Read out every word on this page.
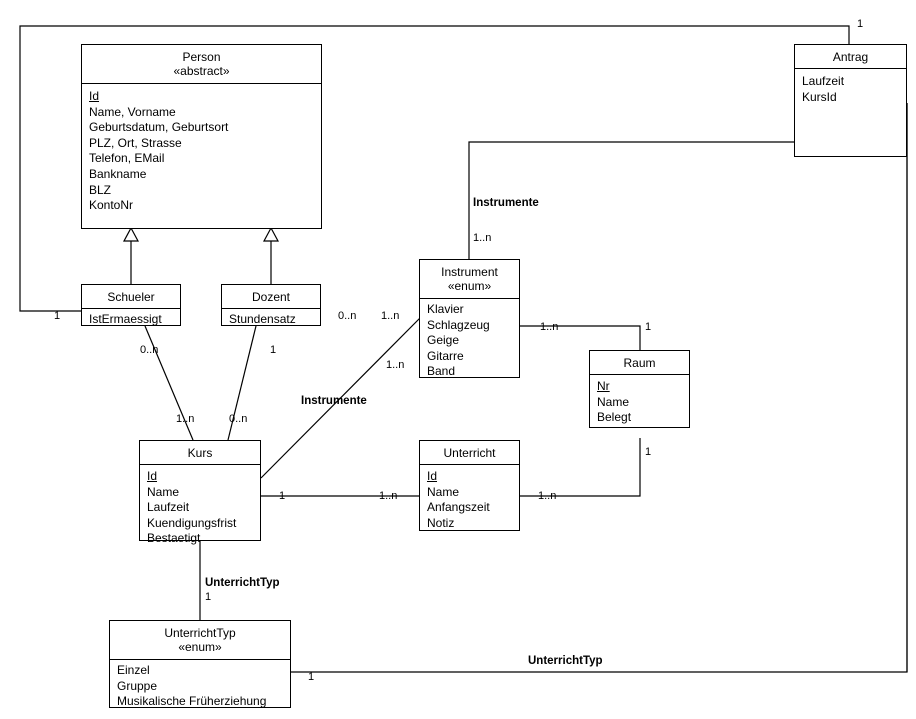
Person
«abstract»
Id
Name, Vorname
Geburtsdatum, Geburtsort
PLZ, Ort, Strasse
Telefon, EMail
Bankname
BLZ
KontoNr
Antrag
Laufzeit
KursId
Schueler
IstErmaessigt
Dozent
Stundensatz
Instrument
«enum»
Klavier
Schlagzeug
Geige
Gitarre
Band
Raum
Nr
Name
Belegt
Kurs
Id
Name
Laufzeit
Kuendigungsfrist
Bestaetigt
Unterricht
Id
Name
Anfangszeit
Notiz
UnterrichtTyp
«enum»
Einzel
Gruppe
Musikalische Früherziehung
1
1
Instrumente
1..n
0..n	1
0..n 1..n
1..n	1
1..n	0..n
Instrumente
1..n
1	1..n
1
1..n
UnterrichtTyp
1
UnterrichtTyp
1
